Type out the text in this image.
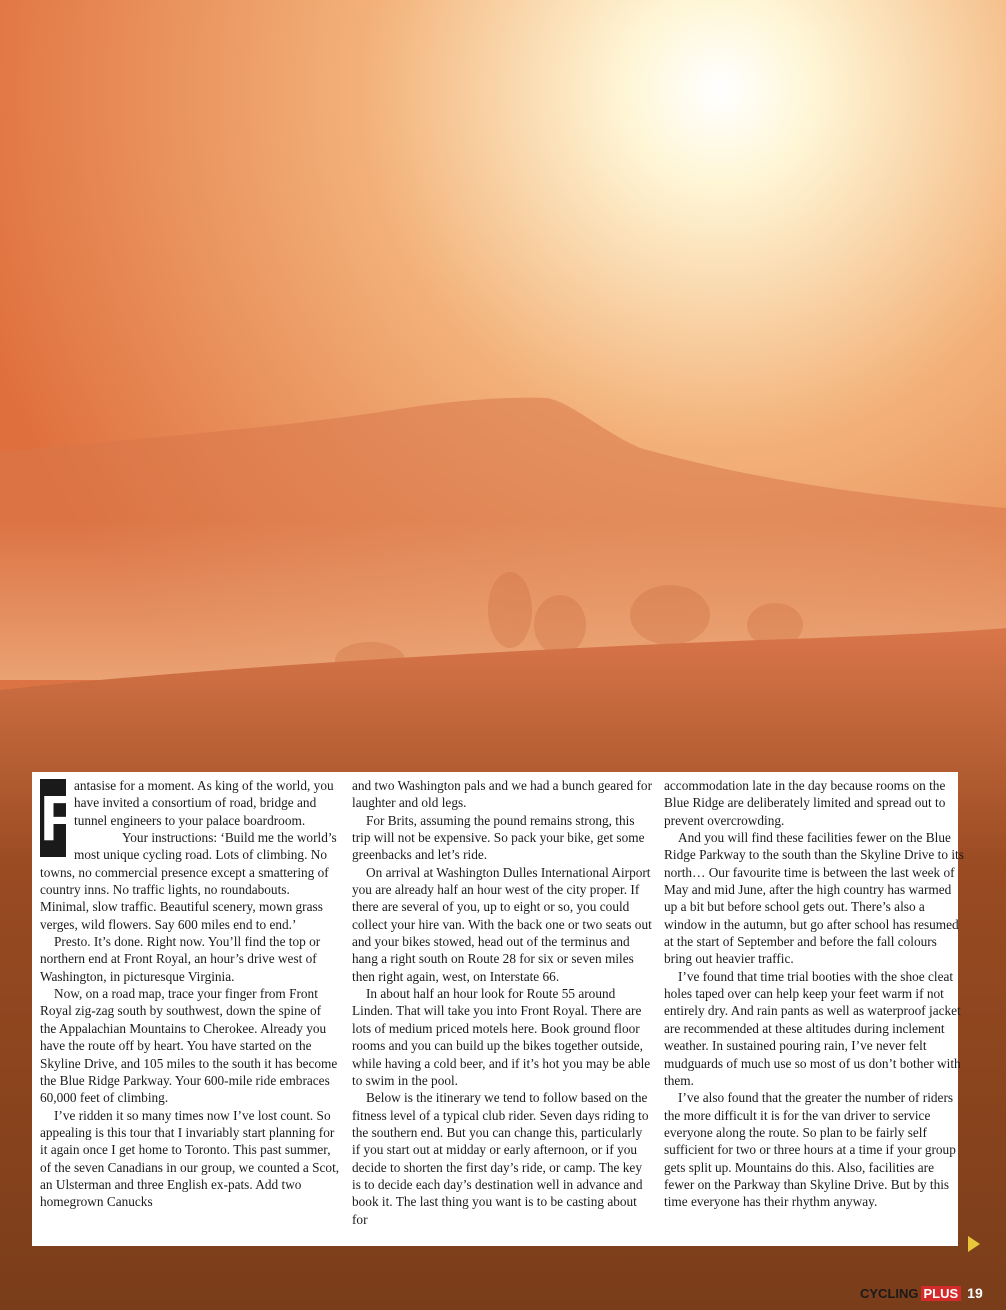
F

antasise for a moment. As king of the world, you have invited a consortium of road, bridge and tunnel engineers to your palace boardroom.

Your instructions: ‘Build me the world’s most unique cycling road. Lots of climbing. No towns, no commercial presence except a smattering of country inns. No traffic lights, no roundabouts. Minimal, slow traffic. Beautiful scenery, mown grass verges, wild flowers. Say 600 miles end to end.’

Presto. It’s done. Right now. You’ll find the top or northern end at Front Royal, an hour’s drive west of Washington, in picturesque Virginia.

Now, on a road map, trace your finger from Front Royal zig-zag south by southwest, down the spine of the Appalachian Mountains to Cherokee. Already you have the route off by heart. You have started on the Skyline Drive, and 105 miles to the south it has become the Blue Ridge Parkway. Your 600-mile ride embraces 60,000 feet of climbing.

I’ve ridden it so many times now I’ve lost count. So appealing is this tour that I invariably start planning for it again once I get home to Toronto. This past summer, of the seven Canadians in our group, we counted a Scot, an Ulsterman and three English ex-pats. Add two homegrown Canucks

and two Washington pals and we had a bunch geared for laughter and old legs.

For Brits, assuming the pound remains strong, this trip will not be expensive. So pack your bike, get some greenbacks and let’s ride.

On arrival at Washington Dulles International Airport you are already half an hour west of the city proper. If there are several of you, up to eight or so, you could collect your hire van. With the back one or two seats out and your bikes stowed, head out of the terminus and hang a right south on Route 28 for six or seven miles then right again, west, on Interstate 66.

In about half an hour look for Route 55 around Linden. That will take you into Front Royal. There are lots of medium priced motels here. Book ground floor rooms and you can build up the bikes together outside, while having a cold beer, and if it’s hot you may be able to swim in the pool.

Below is the itinerary we tend to follow based on the fitness level of a typical club rider. Seven days riding to the southern end. But you can change this, particularly if you start out at midday or early afternoon, or if you decide to shorten the first day’s ride, or camp. The key is to decide each day’s destination well in advance and book it. The last thing you want is to be casting about for

accommodation late in the day because rooms on the Blue Ridge are deliberately limited and spread out to prevent overcrowding.

And you will find these facilities fewer on the Blue Ridge Parkway to the south than the Skyline Drive to its north… Our favourite time is between the last week of May and mid June, after the high country has warmed up a bit but before school gets out. There’s also a window in the autumn, but go after school has resumed at the start of September and before the fall colours bring out heavier traffic.

I’ve found that time trial booties with the shoe cleat holes taped over can help keep your feet warm if not entirely dry. And rain pants as well as waterproof jacket are recommended at these altitudes during inclement weather. In sustained pouring rain, I’ve never felt mudguards of much use so most of us don’t bother with them.

I’ve also found that the greater the number of riders the more difficult it is for the van driver to service everyone along the route. So plan to be fairly self sufficient for two or three hours at a time if your group gets split up. Mountains do this. Also, facilities are fewer on the Parkway than Skyline Drive. But by this time everyone has their rhythm anyway.

CYCLING PLUS 19
